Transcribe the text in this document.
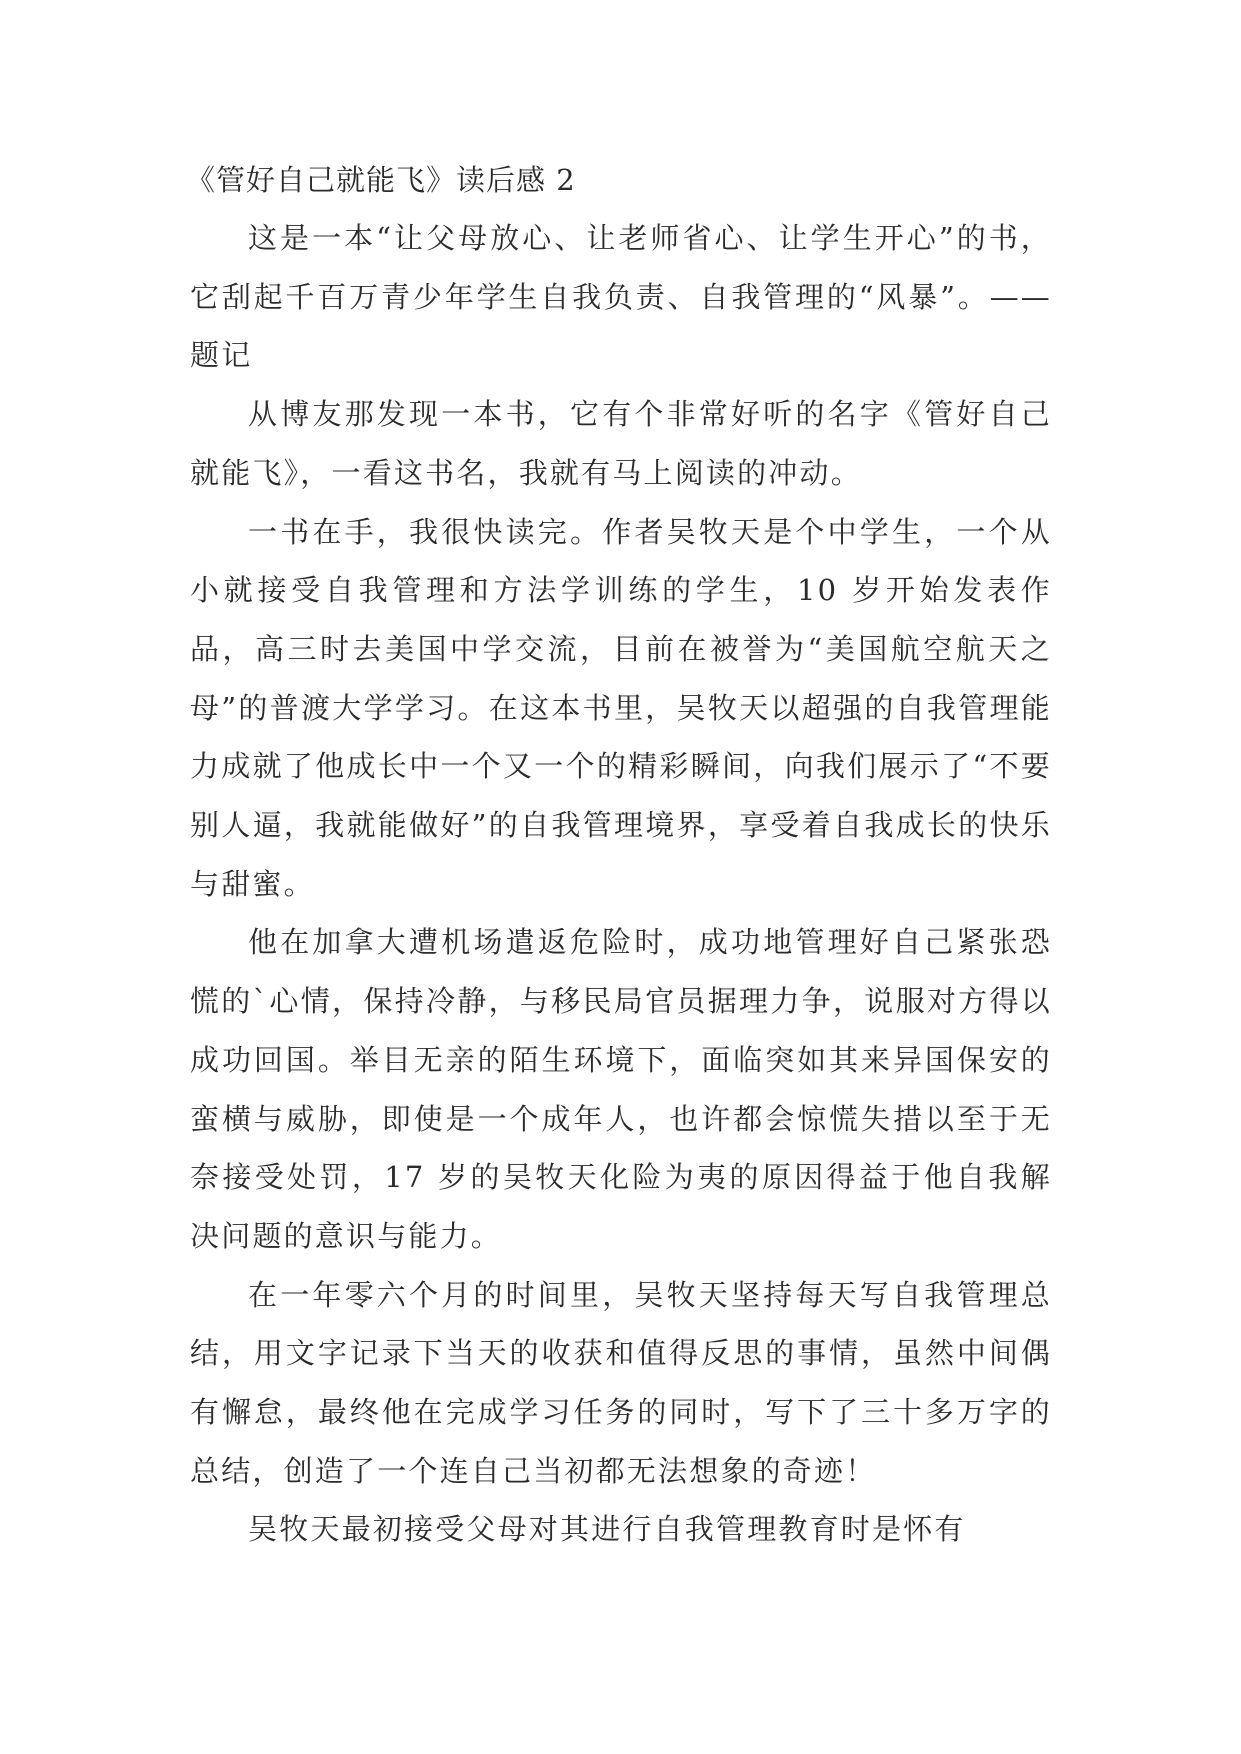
《管好自己就能飞》读后感 2

这是一本“让父母放心、让老师省心、让学生开心”的书，它刮起千百万青少年学生自我负责、自我管理的“风暴”。——题记

从博友那发现一本书，它有个非常好听的名字《管好自己就能飞》，一看这书名，我就有马上阅读的冲动。

一书在手，我很快读完。作者吴牧天是个中学生，一个从小就接受自我管理和方法学训练的学生，10 岁开始发表作品，高三时去美国中学交流，目前在被誉为“美国航空航天之母”的普渡大学学习。在这本书里，吴牧天以超强的自我管理能力成就了他成长中一个又一个的精彩瞬间，向我们展示了“不要别人逼，我就能做好”的自我管理境界，享受着自我成长的快乐与甜蜜。

他在加拿大遭机场遣返危险时，成功地管理好自己紧张恐慌的`心情，保持冷静，与移民局官员据理力争，说服对方得以成功回国。举目无亲的陌生环境下，面临突如其来异国保安的蛮横与威胁，即使是一个成年人，也许都会惊慌失措以至于无奈接受处罚，17 岁的吴牧天化险为夷的原因得益于他自我解决问题的意识与能力。

在一年零六个月的时间里，吴牧天坚持每天写自我管理总结，用文字记录下当天的收获和值得反思的事情，虽然中间偶有懈怠，最终他在完成学习任务的同时，写下了三十多万字的总结，创造了一个连自己当初都无法想象的奇迹！

吴牧天最初接受父母对其进行自我管理教育时是怀有
